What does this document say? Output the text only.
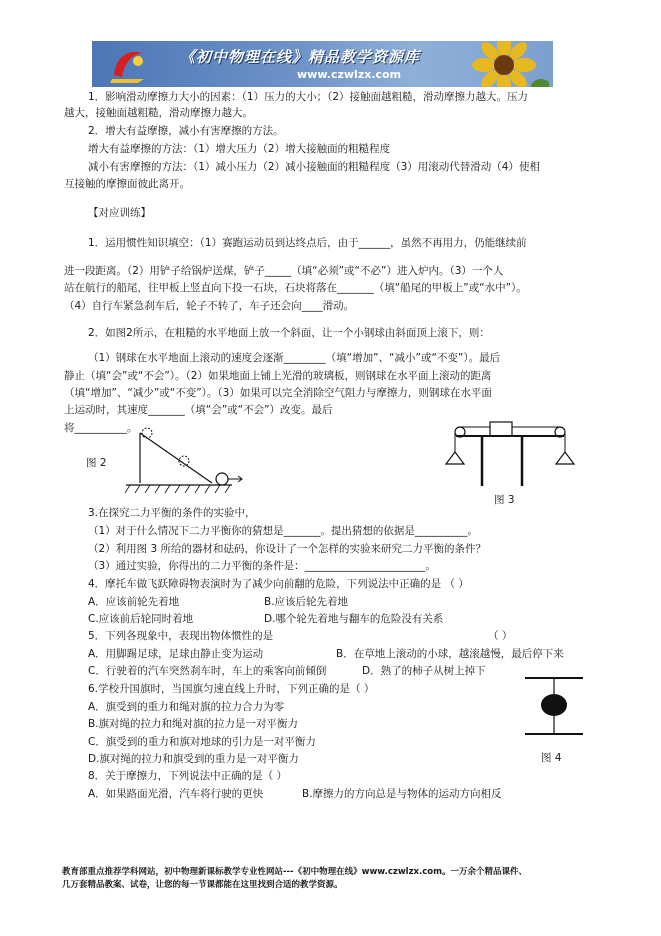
《初中物理在线》精品教学资源库
www.czwlzx.com
1．影响滑动摩擦力大小的因素：（1）压力的大小；（2）接触面越粗糙，滑动摩擦力越大。压力
越大，接触面越粗糙，滑动摩擦力越大。
2．增大有益摩擦，减小有害摩擦的方法。
增大有益摩擦的方法：（1）增大压力（2）增大接触面的粗糙程度
减小有害摩擦的方法：（1）减小压力（2）减小接触面的粗糙程度（3）用滚动代替滑动（4）使相
互接触的摩擦面彼此离开。
【对应训练】
1．运用惯性知识填空：（1）赛跑运动员到达终点后，由于______，虽然不再用力，仍能继续前
进一段距离。（2）用铲子给锅炉送煤，铲子_____（填“必须”或“不必”）进入炉内。（3）一个人
站在航行的船尾，往甲板上竖直向下投一石块，石块将落在_______（填“船尾的甲板上”或“水中”）。
（4）自行车紧急刹车后，轮子不转了，车子还会向____滑动。
2．如图2所示，在粗糙的水平地面上放一个斜面，让一个小钢球由斜面顶上滚下，则：
（1）钢球在水平地面上滚动的速度会逐渐________（填“增加”、“减小”或“不变”）。最后
静止（填“会”或“不会”）。（2）如果地面上铺上光滑的玻璃板，则钢球在水平面上滚动的距离
（填“增加”、“减少”或“不变”）。（3）如果可以完全消除空气阻力与摩擦力，则钢球在水平面
上运动时，其速度_______（填“会”或“不会”）改变。最后
将__________。
图 2
图 3
3.在探究二力平衡的条件的实验中，
（1）对于什么情况下二力平衡你的猜想是_______。提出猜想的依据是__________。
（2）利用图 3 所给的器材和砝码，你设计了一个怎样的实验来研究二力平衡的条件？
（3）通过实验，你得出的二力平衡的条件是：_______________________。
4．摩托车做飞跃障碍物表演时为了减少向前翻的危险，下列说法中正确的是 （ ）
A．应该前轮先着地	B.应该后轮先着地
C.应该前后轮同时着地	D.哪个轮先着地与翻车的危险没有关系
5．下列各现象中，表现出物体惯性的是	（ ）
A．用脚踢足球，足球由静止变为运动	B．在草地上滚动的小球，越滚越慢，最后停下来
C．行驶着的汽车突然刹车时，车上的乘客向前倾倒	D．熟了的柿子从树上掉下
6.学校升国旗时，当国旗匀速直线上升时，下列正确的是（ ）
A．旗受到的重力和绳对旗的拉力合力为零
B.旗对绳的拉力和绳对旗的拉力是一对平衡力
C．旗受到的重力和旗对地球的引力是一对平衡力
D.旗对绳的拉力和旗受到的重力是一对平衡力	图 4
8．关于摩擦力，下列说法中正确的是（ ）
A．如果路面光滑，汽车将行驶的更快	B.摩擦力的方向总是与物体的运动方向相反
教育部重点推荐学科网站，初中物理新课标教学专业性网站---《初中物理在线》www.czwlzx.com。一万余个精品课件、
几万套精品教案、试卷，让您的每一节课都能在这里找到合适的教学资源。
